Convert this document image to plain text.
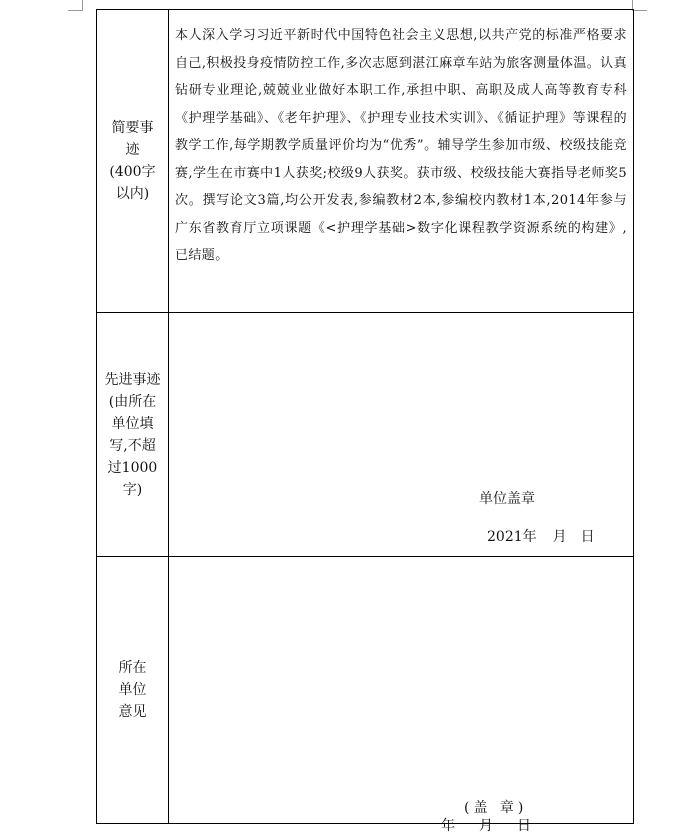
简要事
迹
(400字
以内)
本人深入学习习近平新时代中国特色社会主义思想,以共产党的标准严格要求自己,积极投身疫情防控工作,多次志愿到湛江麻章车站为旅客测量体温。认真钻研专业理论,兢兢业业做好本职工作,承担中职、高职及成人高等教育专科《护理学基础》、《老年护理》、《护理专业技术实训》、《循证护理》等课程的教学工作,每学期教学质量评价均为“优秀”。辅导学生参加市级、校级技能竞赛,学生在市赛中1人获奖;校级9人获奖。获市级、校级技能大赛指导老师奖5次。撰写论文3篇,均公开发表,参编教材2本,参编校内教材1本,2014年参与广东省教育厅立项课题《<护理学基础>数字化课程教学资源系统的构建》,已结题。
先进事迹
(由所在
单位填
写,不超
过1000
字)
单位盖章
2021年 月 日
所在
单位
意见
(盖 章)
年 月 日
